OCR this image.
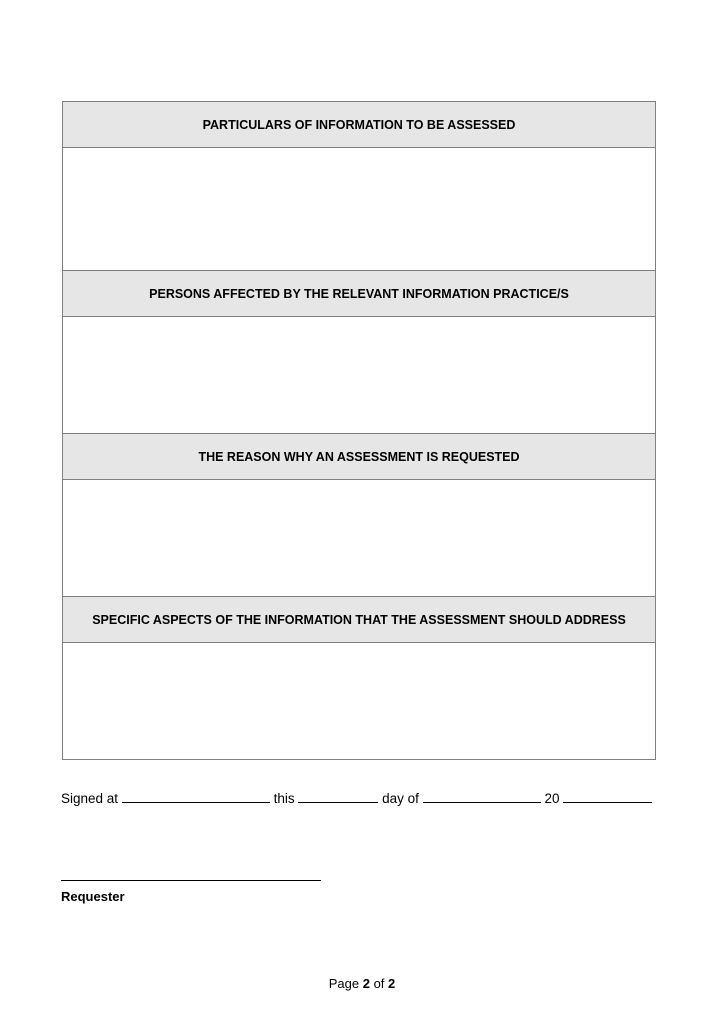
PARTICULARS OF INFORMATION TO BE ASSESSED
PERSONS AFFECTED BY THE RELEVANT INFORMATION PRACTICE/S
THE REASON WHY AN ASSESSMENT IS REQUESTED
SPECIFIC ASPECTS OF THE INFORMATION THAT THE ASSESSMENT SHOULD ADDRESS
Signed at	this	day of	20
Requester
Page 2 of 2
